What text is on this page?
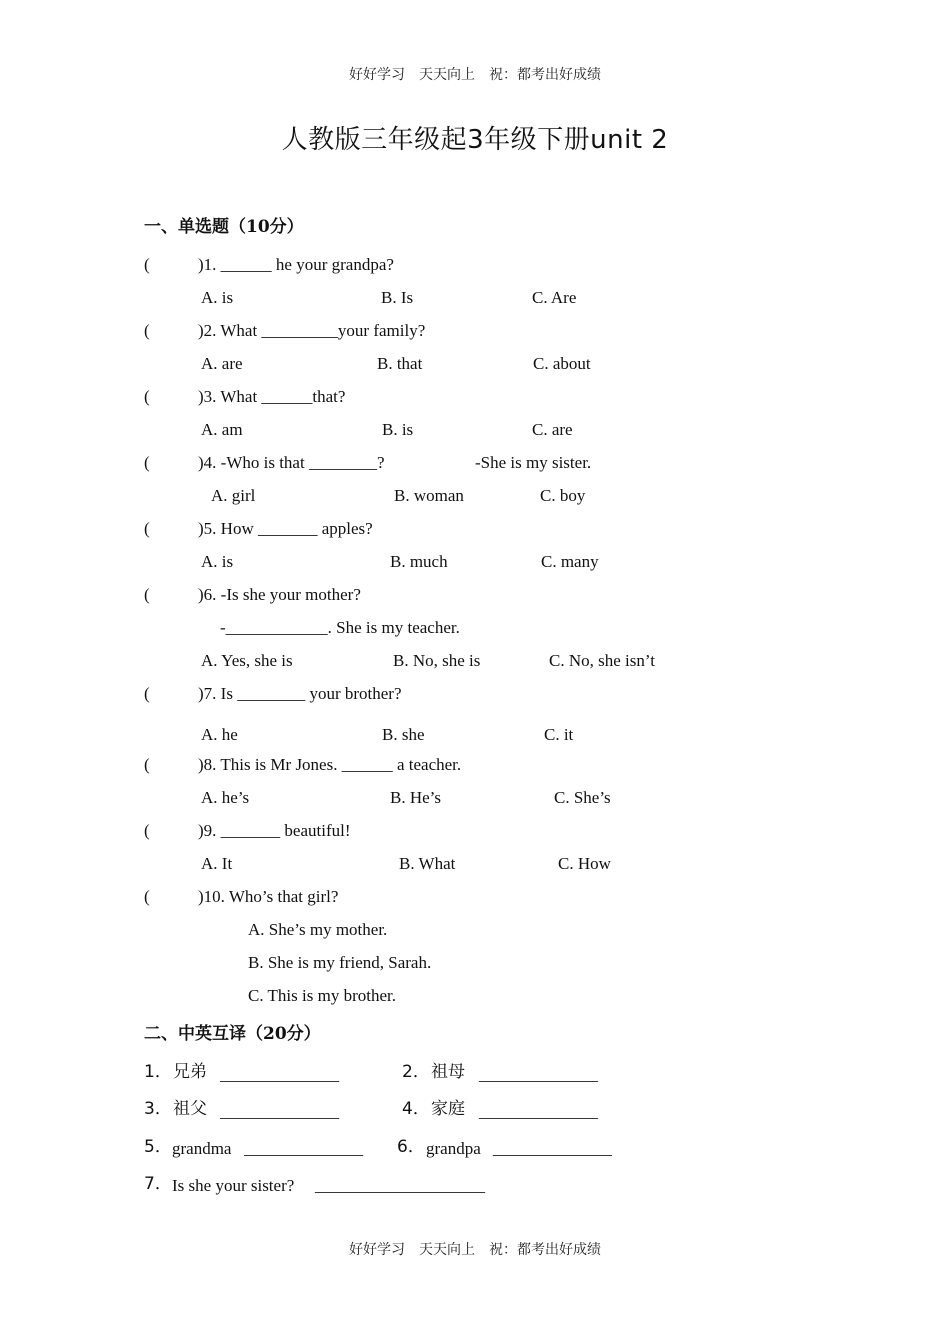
好好学习　天天向上　祝：都考出好成绩
人教版三年级起3年级下册unit 2
一、单选题（10分）
(	)1. ______ he your grandpa?
A. is	B. Is	C. Are
(	)2. What _________your family?
A. are	B. that	C. about
(	)3. What ______that?
A. am	B. is	C. are
(	)4. -Who is that ________?	-She is my sister.
A. girl	B. woman	C. boy
(	)5. How _______ apples?
A. is	B. much	C. many
(	)6. -Is she your mother?
-____________. She is my teacher.
A. Yes, she is	B. No, she is	C. No, she isn’t
(	)7. Is ________ your brother?
A. he	B. she	C. it
(	)8. This is Mr Jones. ______ a teacher.
A. he’s	B. He’s	C. She’s
(	)9. _______ beautiful!
A. It	B. What	C. How
(	)10. Who’s that girl?
A. She’s my mother.
B. She is my friend, Sarah.
C. This is my brother.
二、中英互译（20分）
1． 兄弟 ______________	2． 祖母 ______________
3． 祖父 ______________	4． 家庭 ______________
5． grandma ______________ 6． grandpa ______________
7． Is she your sister? ____________________
好好学习　天天向上　祝：都考出好成绩
